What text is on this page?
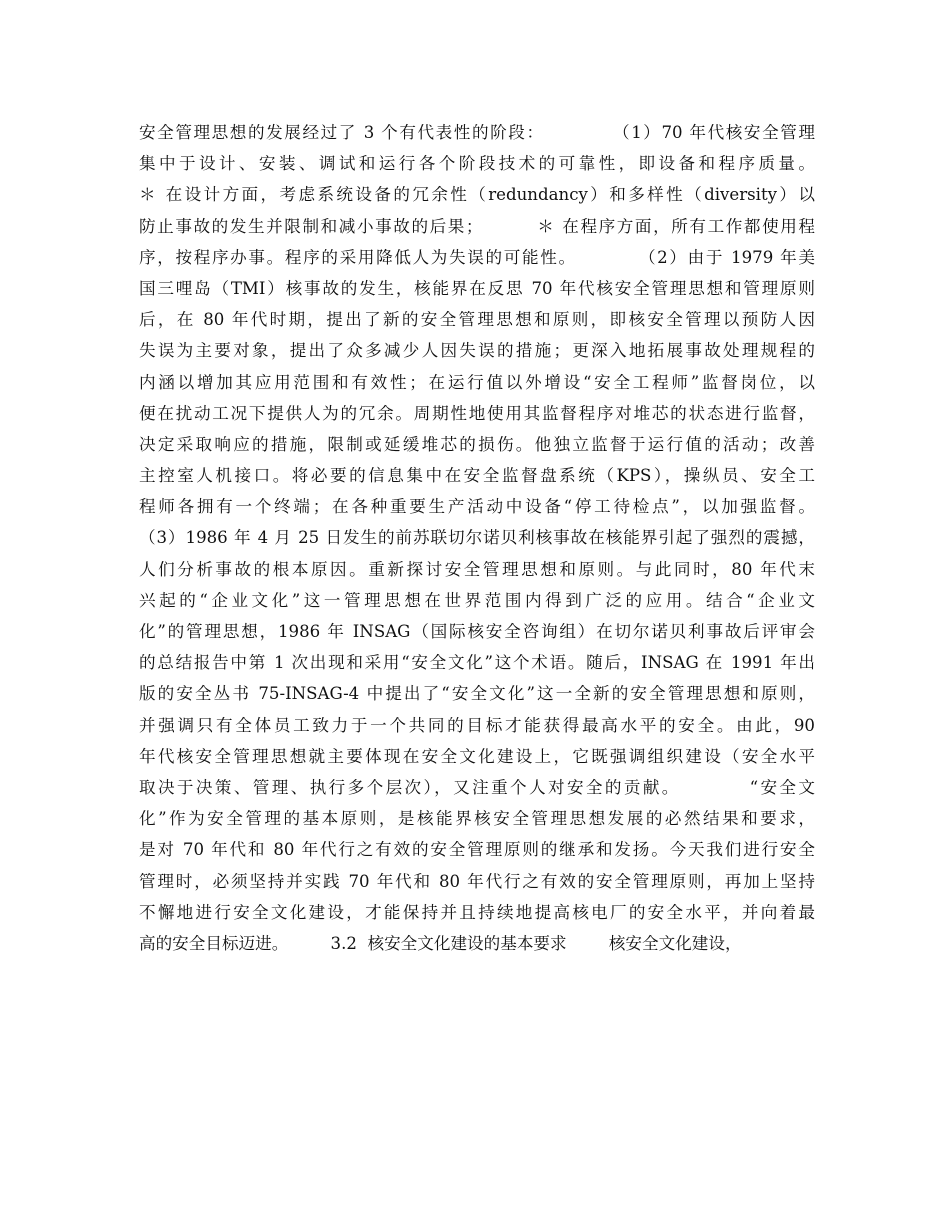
安全管理思想的发展经过了 3 个有代表性的阶段：          （1）70 年代核安全管理
集中于设计、安装、调试和运行各个阶段技术的可靠性，即设备和程序质量。
＊ 在设计方面，考虑系统设备的冗余性（redundancy）和多样性（diversity）以
防止事故的发生并限制和减小事故的后果；        ＊ 在程序方面，所有工作都使用程
序，按程序办事。程序的采用降低人为失误的可能性。         （2）由于 1979 年美
国三哩岛（TMI）核事故的发生，核能界在反思 70 年代核安全管理思想和管理原则
后，在 80 年代时期，提出了新的安全管理思想和原则，即核安全管理以预防人因
失误为主要对象，提出了众多减少人因失误的措施；更深入地拓展事故处理规程的
内涵以增加其应用范围和有效性；在运行值以外增设“安全工程师”监督岗位，以
便在扰动工况下提供人为的冗余。周期性地使用其监督程序对堆芯的状态进行监督，
决定采取响应的措施，限制或延缓堆芯的损伤。他独立监督于运行值的活动；改善
主控室人机接口。将必要的信息集中在安全监督盘系统（KPS），操纵员、安全工
程师各拥有一个终端；在各种重要生产活动中设备“停工待检点”，以加强监督。
（3）1986 年 4 月 25 日发生的前苏联切尔诺贝利核事故在核能界引起了强烈的震撼，
人们分析事故的根本原因。重新探讨安全管理思想和原则。与此同时，80 年代末
兴起的“企业文化”这一管理思想在世界范围内得到广泛的应用。结合“企业文
化”的管理思想，1986 年 INSAG（国际核安全咨询组）在切尔诺贝利事故后评审会
的总结报告中第 1 次出现和采用“安全文化”这个术语。随后，INSAG 在 1991 年出
版的安全丛书 75-INSAG-4 中提出了“安全文化”这一全新的安全管理思想和原则，
并强调只有全体员工致力于一个共同的目标才能获得最高水平的安全。由此，90
年代核安全管理思想就主要体现在安全文化建设上，它既强调组织建设（安全水平
取决于决策、管理、执行多个层次），又注重个人对安全的贡献。         “安全文
化”作为安全管理的基本原则，是核能界核安全管理思想发展的必然结果和要求，
是对 70 年代和 80 年代行之有效的安全管理原则的继承和发扬。今天我们进行安全
管理时，必须坚持并实践 70 年代和 80 年代行之有效的安全管理原则，再加上坚持
不懈地进行安全文化建设，才能保持并且持续地提高核电厂的安全水平，并向着最
高的安全目标迈进。        3.2  核安全文化建设的基本要求        核安全文化建设，
